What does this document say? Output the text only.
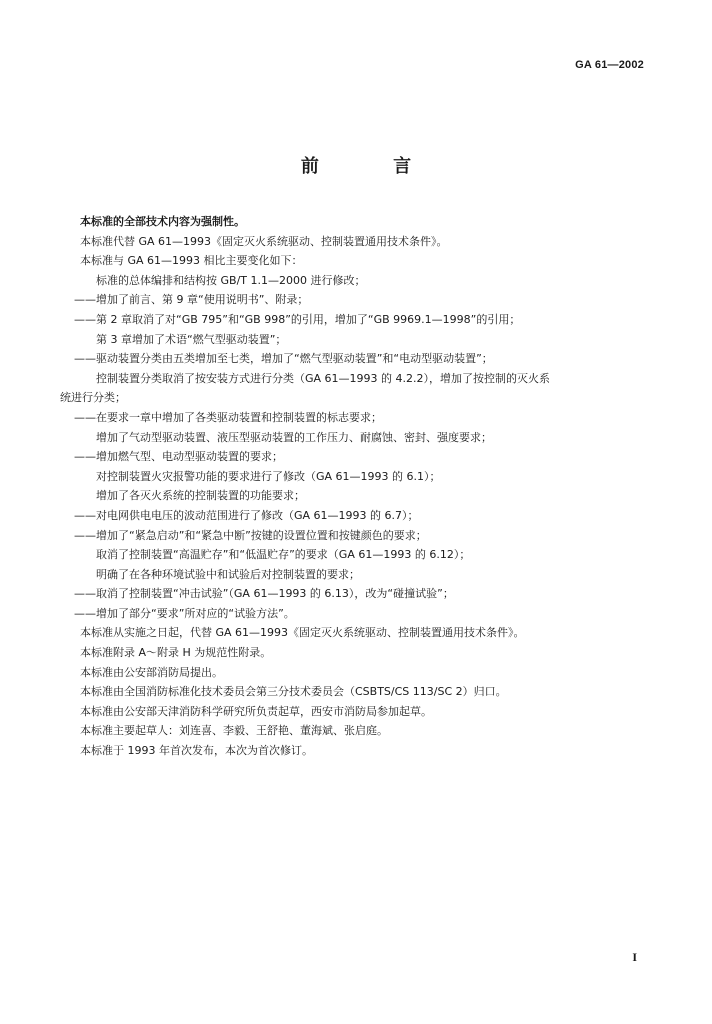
GA 61—2002
前 言
本标准的全部技术内容为强制性。
本标准代替 GA 61—1993《固定灭火系统驱动、控制装置通用技术条件》。
本标准与 GA 61—1993 相比主要变化如下：
标准的总体编排和结构按 GB/T 1.1—2000 进行修改；
——增加了前言、第 9 章“使用说明书”、附录；
——第 2 章取消了对“GB 795”和“GB 998”的引用，增加了“GB 9969.1—1998”的引用；
第 3 章增加了术语“燃气型驱动装置”；
——驱动装置分类由五类增加至七类，增加了“燃气型驱动装置”和“电动型驱动装置”；
控制装置分类取消了按安装方式进行分类（GA 61—1993 的 4.2.2），增加了按控制的灭火系
统进行分类；
——在要求一章中增加了各类驱动装置和控制装置的标志要求；
增加了气动型驱动装置、液压型驱动装置的工作压力、耐腐蚀、密封、强度要求；
——增加燃气型、电动型驱动装置的要求；
对控制装置火灾报警功能的要求进行了修改（GA 61—1993 的 6.1）；
增加了各灭火系统的控制装置的功能要求；
——对电网供电电压的波动范围进行了修改（GA 61—1993 的 6.7）；
——增加了“紧急启动”和“紧急中断”按键的设置位置和按键颜色的要求；
取消了控制装置“高温贮存”和“低温贮存”的要求（GA 61—1993 的 6.12）；
明确了在各种环境试验中和试验后对控制装置的要求；
——取消了控制装置“冲击试验”（GA 61—1993 的 6.13），改为“碰撞试验”；
——增加了部分“要求”所对应的“试验方法”。
本标准从实施之日起，代替 GA 61—1993《固定灭火系统驱动、控制装置通用技术条件》。
本标准附录 A～附录 H 为规范性附录。
本标准由公安部消防局提出。
本标准由全国消防标准化技术委员会第三分技术委员会（CSBTS/CS 113/SC 2）归口。
本标准由公安部天津消防科学研究所负责起草，西安市消防局参加起草。
本标准主要起草人：刘连喜、李毅、王舒艳、董海斌、张启庭。
本标准于 1993 年首次发布，本次为首次修订。
I
